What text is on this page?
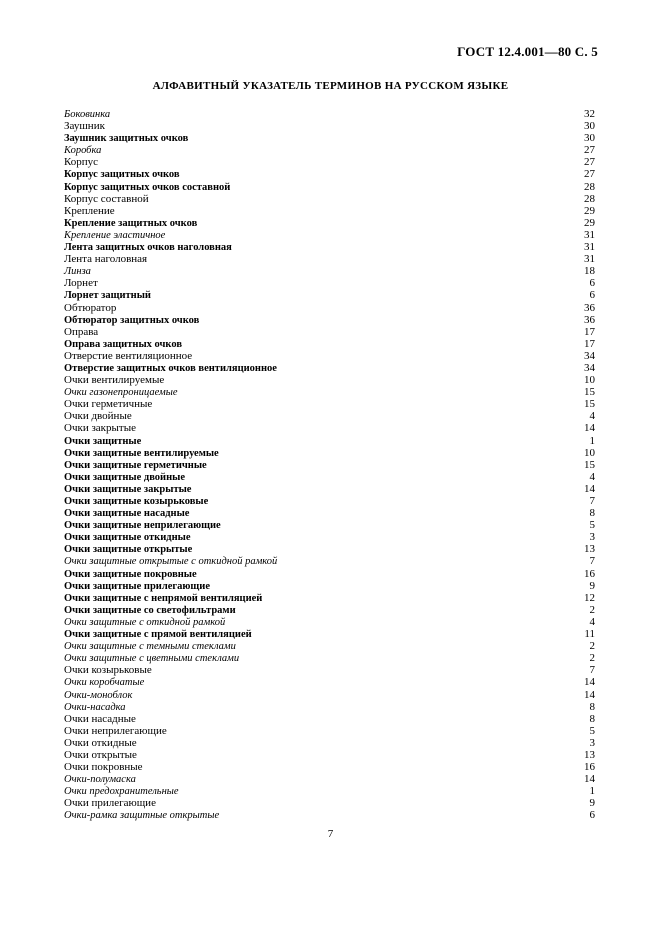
ГОСТ 12.4.001—80 С. 5
АЛФАВИТНЫЙ УКАЗАТЕЛЬ ТЕРМИНОВ НА РУССКОМ ЯЗЫКЕ
Боковинка	32
Заушник	30
Заушник защитных очков	30
Коробка	27
Корпус	27
Корпус защитных очков	27
Корпус защитных очков составной	28
Корпус составной	28
Крепление	29
Крепление защитных очков	29
Крепление эластичное	31
Лента защитных очков наголовная	31
Лента наголовная	31
Линза	18
Лорнет	6
Лорнет защитный	6
Обтюратор	36
Обтюратор защитных очков	36
Оправа	17
Оправа защитных очков	17
Отверстие вентиляционное	34
Отверстие защитных очков вентиляционное	34
Очки вентилируемые	10
Очки газонепроницаемые	15
Очки герметичные	15
Очки двойные	4
Очки закрытые	14
Очки защитные	1
Очки защитные вентилируемые	10
Очки защитные герметичные	15
Очки защитные двойные	4
Очки защитные закрытые	14
Очки защитные козырьковые	7
Очки защитные насадные	8
Очки защитные неприлегающие	5
Очки защитные откидные	3
Очки защитные открытые	13
Очки защитные открытые с откидной рамкой	7
Очки защитные покровные	16
Очки защитные прилегающие	9
Очки защитные с непрямой вентиляцией	12
Очки защитные со светофильтрами	2
Очки защитные с откидной рамкой	4
Очки защитные с прямой вентиляцией	11
Очки защитные с темными стеклами	2
Очки защитные с цветными стеклами	2
Очки козырьковые	7
Очки коробчатые	14
Очки-моноблок	14
Очки-насадка	8
Очки насадные	8
Очки неприлегающие	5
Очки откидные	3
Очки открытые	13
Очки покровные	16
Очки-полумаска	14
Очки предохранительные	1
Очки прилегающие	9
Очки-рамка защитные открытые	6
7
